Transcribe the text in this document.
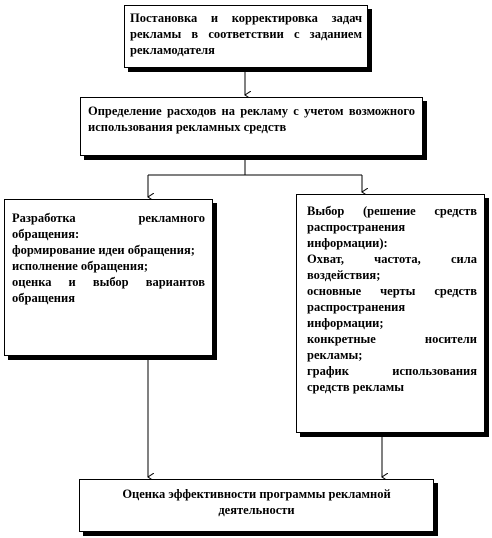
Постановка и корректировка задач рекламы в соответствии с заданием рекламодателя

Определение расходов на рекламу с учетом возможного использования рекламных средств

Разработка рекламного обращения:

формирование идеи обращения;

исполнение обращения;

оценка и выбор вариантов обращения

Выбор (решение средств распространения информации):

Охват, частота, сила воздействия;

основные черты средств распространения информации;

конкретные носители рекламы;

график использования средств рекламы

Оценка эффективности программы рекламной деятельности
